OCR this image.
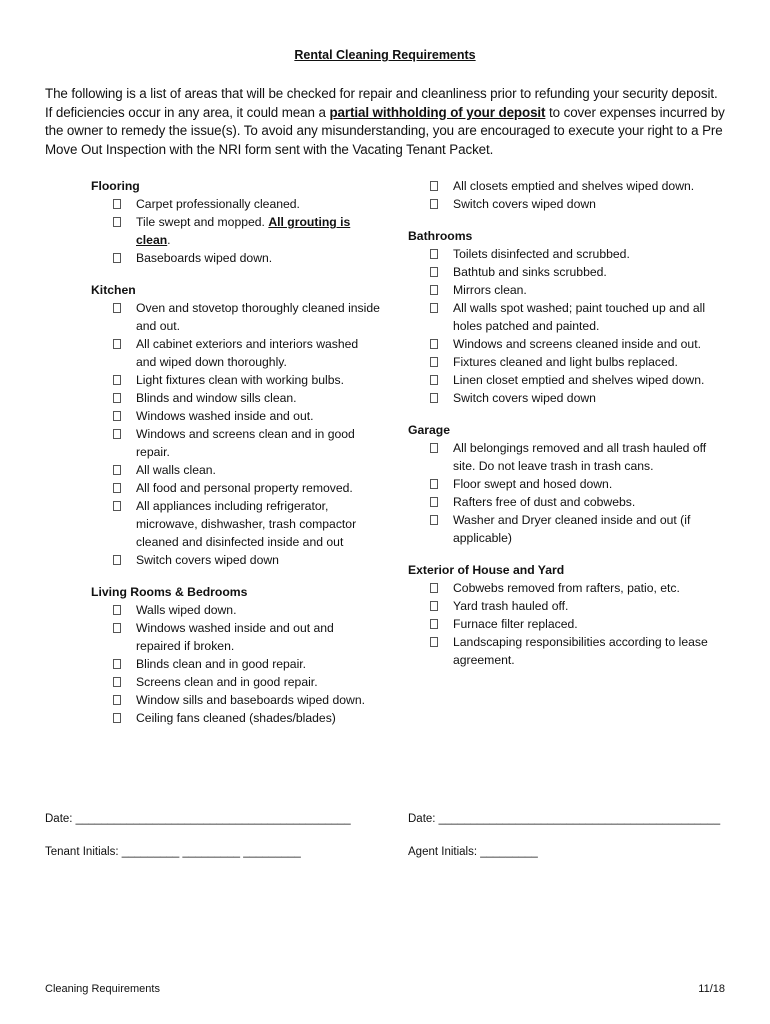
Rental Cleaning Requirements
The following is a list of areas that will be checked for repair and cleanliness prior to refunding your security deposit. If deficiencies occur in any area, it could mean a partial withholding of your deposit to cover expenses incurred by the owner to remedy the issue(s). To avoid any misunderstanding, you are encouraged to execute your right to a Pre Move Out Inspection with the NRI form sent with the Vacating Tenant Packet.
Flooring
Carpet professionally cleaned.
Tile swept and mopped. All grouting is clean.
Baseboards wiped down.
Kitchen
Oven and stovetop thoroughly cleaned inside and out.
All cabinet exteriors and interiors washed and wiped down thoroughly.
Light fixtures clean with working bulbs.
Blinds and window sills clean.
Windows washed inside and out.
Windows and screens clean and in good repair.
All walls clean.
All food and personal property removed.
All appliances including refrigerator, microwave, dishwasher, trash compactor cleaned and disinfected inside and out
Switch covers wiped down
Living Rooms & Bedrooms
Walls wiped down.
Windows washed inside and out and repaired if broken.
Blinds clean and in good repair.
Screens clean and in good repair.
Window sills and baseboards wiped down.
Ceiling fans cleaned (shades/blades)
All closets emptied and shelves wiped down.
Switch covers wiped down
Bathrooms
Toilets disinfected and scrubbed.
Bathtub and sinks scrubbed.
Mirrors clean.
All walls spot washed; paint touched up and all holes patched and painted.
Windows and screens cleaned inside and out.
Fixtures cleaned and light bulbs replaced.
Linen closet emptied and shelves wiped down.
Switch covers wiped down
Garage
All belongings removed and all trash hauled off site. Do not leave trash in trash cans.
Floor swept and hosed down.
Rafters free of dust and cobwebs.
Washer and Dryer cleaned inside and out (if applicable)
Exterior of House and Yard
Cobwebs removed from rafters, patio, etc.
Yard trash hauled off.
Furnace filter replaced.
Landscaping responsibilities according to lease agreement.
Date: ___________________________________________	Date: ____________________________________________
Tenant Initials: _________ _________ _________	Agent Initials: _________
Cleaning Requirements	11/18
